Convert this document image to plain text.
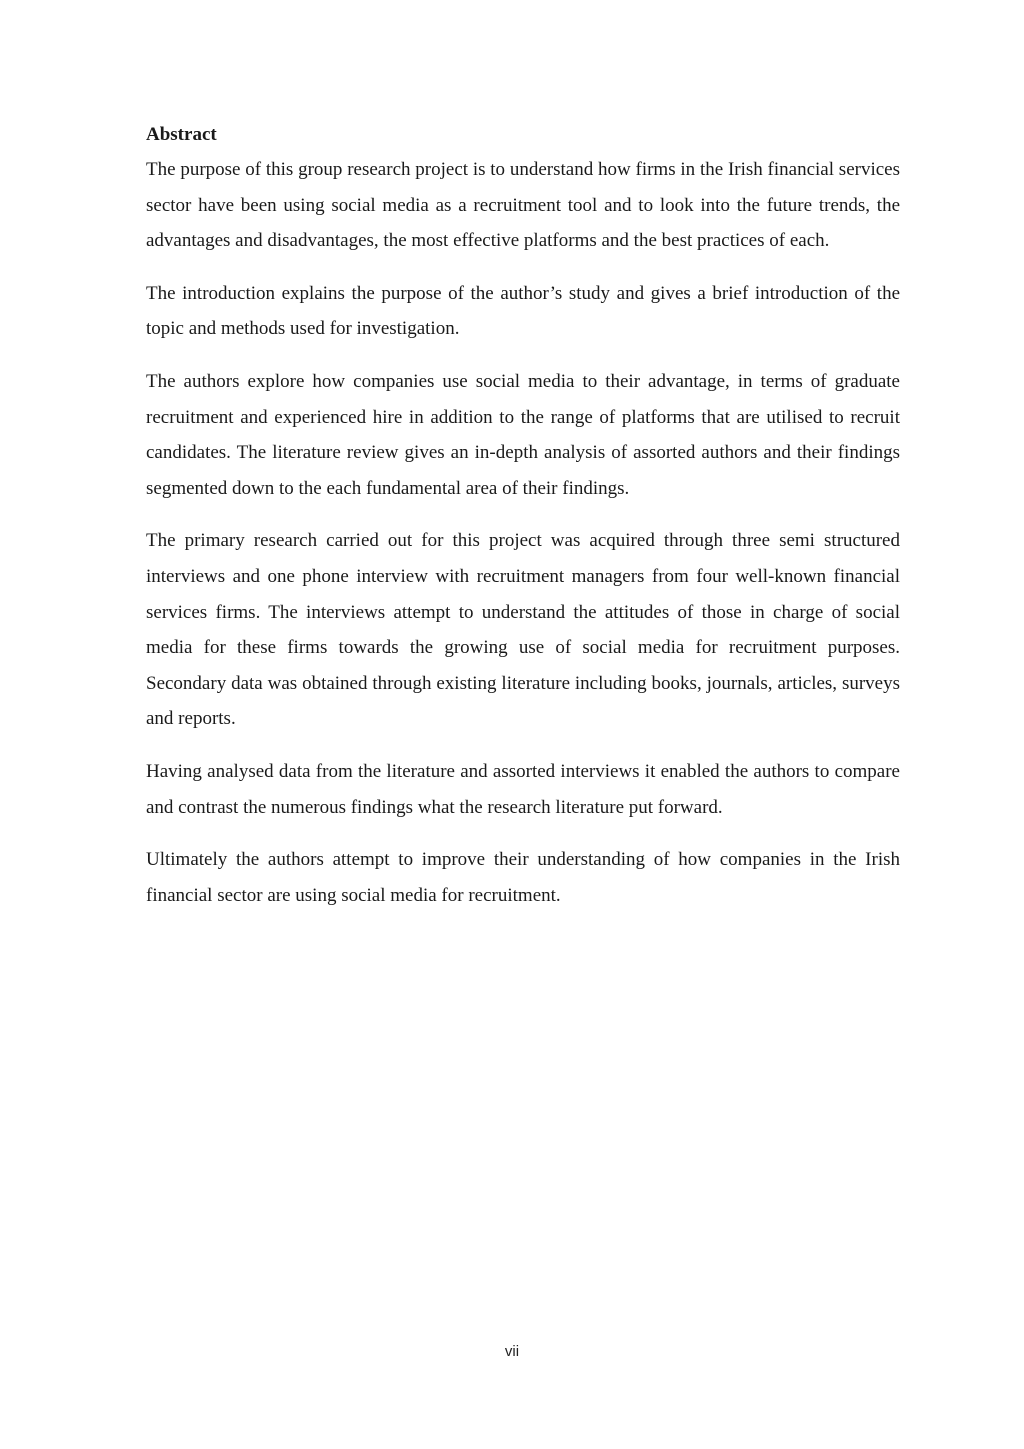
Abstract

The purpose of this group research project is to understand how firms in the Irish financial services sector have been using social media as a recruitment tool and to look into the future trends, the advantages and disadvantages, the most effective platforms and the best practices of each.

The introduction explains the purpose of the author’s study and gives a brief introduction of the topic and methods used for investigation.

The authors explore how companies use social media to their advantage, in terms of graduate recruitment and experienced hire in addition to the range of platforms that are utilised to recruit candidates. The literature review gives an in-depth analysis of assorted authors and their findings segmented down to the each fundamental area of their findings.

The primary research carried out for this project was acquired through three semi structured interviews and one phone interview with recruitment managers from four well-known financial services firms. The interviews attempt to understand the attitudes of those in charge of social media for these firms towards the growing use of social media for recruitment purposes. Secondary data was obtained through existing literature including books, journals, articles, surveys and reports.

Having analysed data from the literature and assorted interviews it enabled the authors to compare and contrast the numerous findings what the research literature put forward.

Ultimately the authors attempt to improve their understanding of how companies in the Irish financial sector are using social media for recruitment.

vii
